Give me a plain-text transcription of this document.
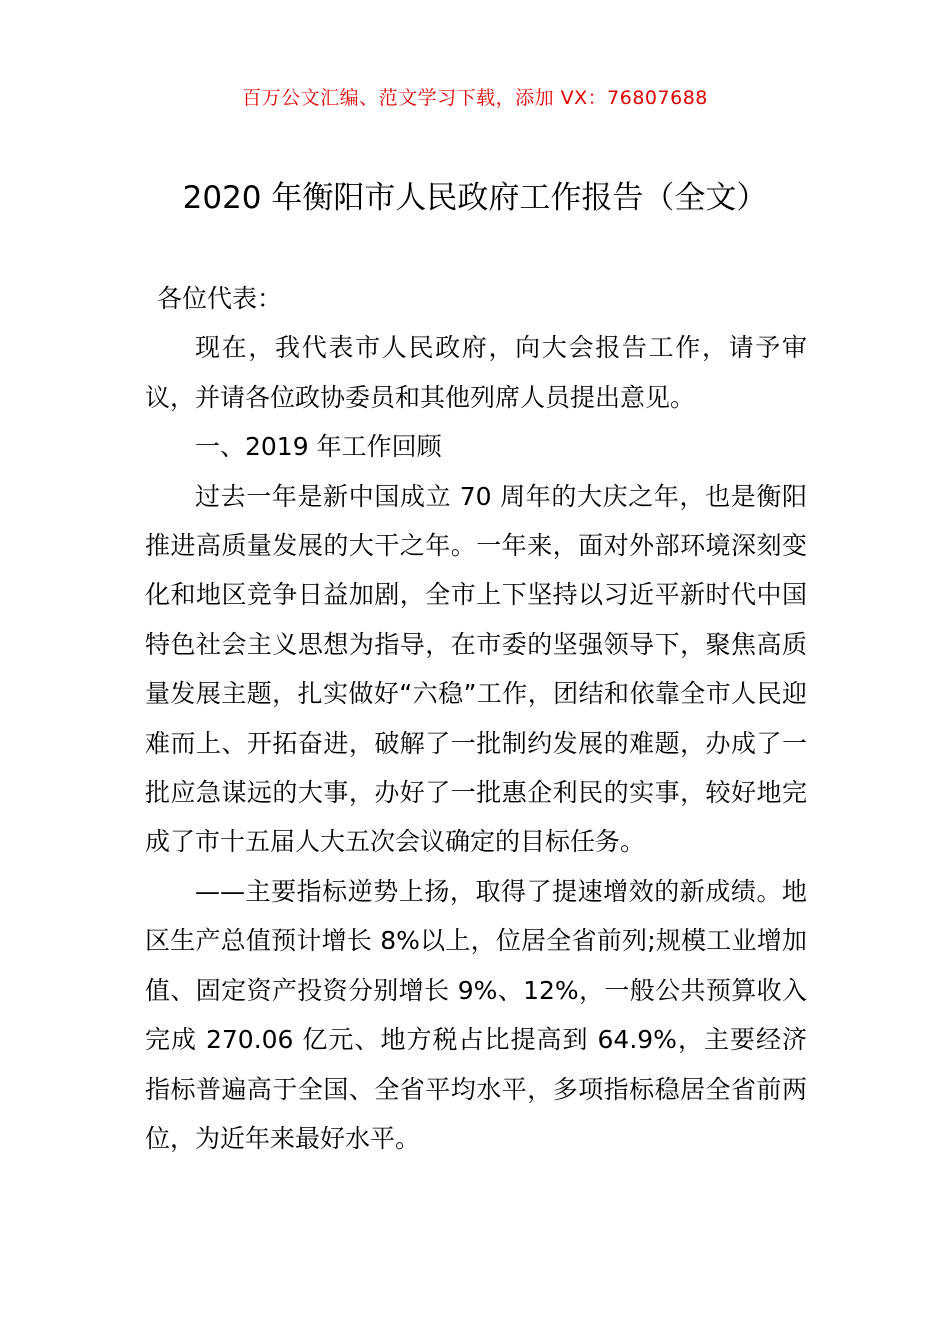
百万公文汇编、范文学习下载，添加 VX：76807688
2020 年衡阳市人民政府工作报告（全文）

各位代表：

现在，我代表市人民政府，向大会报告工作，请予审议，并请各位政协委员和其他列席人员提出意见。

一、2019 年工作回顾

过去一年是新中国成立 70 周年的大庆之年，也是衡阳推进高质量发展的大干之年。一年来，面对外部环境深刻变化和地区竞争日益加剧，全市上下坚持以习近平新时代中国特色社会主义思想为指导，在市委的坚强领导下，聚焦高质量发展主题，扎实做好“六稳”工作，团结和依靠全市人民迎难而上、开拓奋进，破解了一批制约发展的难题，办成了一批应急谋远的大事，办好了一批惠企利民的实事，较好地完成了市十五届人大五次会议确定的目标任务。

——主要指标逆势上扬，取得了提速增效的新成绩。地区生产总值预计增长 8%以上，位居全省前列;规模工业增加值、固定资产投资分别增长 9%、12%，一般公共预算收入完成 270.06 亿元、地方税占比提高到 64.9%，主要经济指标普遍高于全国、全省平均水平，多项指标稳居全省前两位，为近年来最好水平。
